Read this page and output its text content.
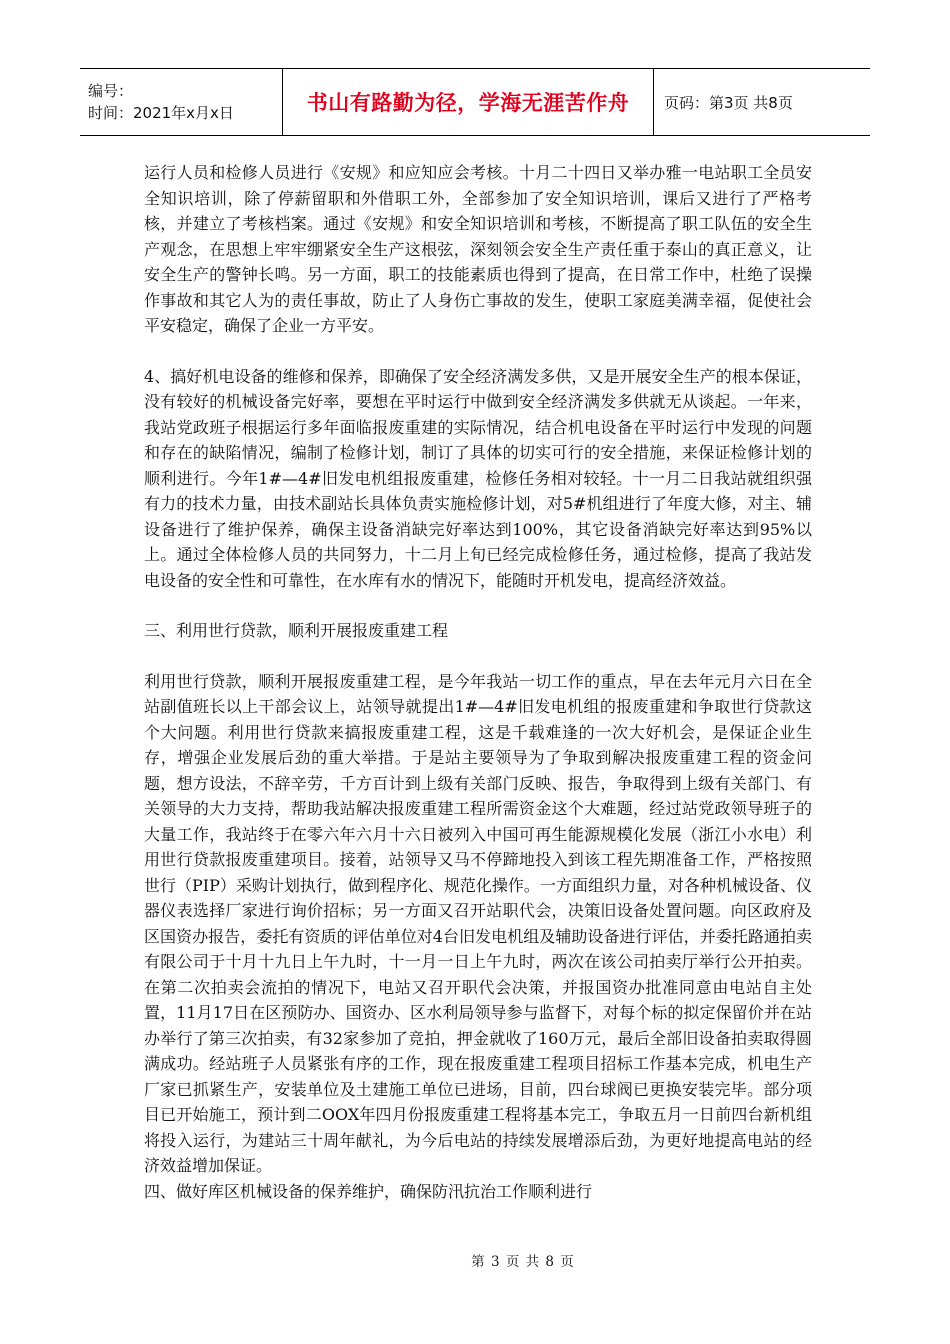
编号：
时间：2021年x月x日	书山有路勤为径，学海无涯苦作舟	页码：第3页 共8页

运行人员和检修人员进行《安规》和应知应会考核。十月二十四日又举办雅一电站职工全员安全知识培训，除了停薪留职和外借职工外，全部参加了安全知识培训，课后又进行了严格考核，并建立了考核档案。通过《安规》和安全知识培训和考核，不断提高了职工队伍的安全生产观念，在思想上牢牢绷紧安全生产这根弦，深刻领会安全生产责任重于泰山的真正意义，让安全生产的警钟长鸣。另一方面，职工的技能素质也得到了提高，在日常工作中，杜绝了误操作事故和其它人为的责任事故，防止了人身伤亡事故的发生，使职工家庭美满幸福，促使社会平安稳定，确保了企业一方平安。

4、搞好机电设备的维修和保养，即确保了安全经济满发多供，又是开展安全生产的根本保证，没有较好的机械设备完好率，要想在平时运行中做到安全经济满发多供就无从谈起。一年来，我站党政班子根据运行多年面临报废重建的实际情况，结合机电设备在平时运行中发现的问题和存在的缺陷情况，编制了检修计划，制订了具体的切实可行的安全措施，来保证检修计划的顺利进行。今年1#—4#旧发电机组报废重建，检修任务相对较轻。十一月二日我站就组织强有力的技术力量，由技术副站长具体负责实施检修计划，对5#机组进行了年度大修，对主、辅设备进行了维护保养，确保主设备消缺完好率达到100%，其它设备消缺完好率达到95%以上。通过全体检修人员的共同努力，十二月上旬已经完成检修任务，通过检修，提高了我站发电设备的安全性和可靠性，在水库有水的情况下，能随时开机发电，提高经济效益。

三、利用世行贷款，顺利开展报废重建工程

利用世行贷款，顺利开展报废重建工程，是今年我站一切工作的重点，早在去年元月六日在全站副值班长以上干部会议上，站领导就提出1#—4#旧发电机组的报废重建和争取世行贷款这个大问题。利用世行贷款来搞报废重建工程，这是千载难逢的一次大好机会，是保证企业生存，增强企业发展后劲的重大举措。于是站主要领导为了争取到解决报废重建工程的资金问题，想方设法，不辞辛劳，千方百计到上级有关部门反映、报告，争取得到上级有关部门、有关领导的大力支持，帮助我站解决报废重建工程所需资金这个大难题，经过站党政领导班子的大量工作，我站终于在零六年六月十六日被列入中国可再生能源规模化发展（浙江小水电）利用世行贷款报废重建项目。接着，站领导又马不停蹄地投入到该工程先期准备工作，严格按照世行（PIP）采购计划执行，做到程序化、规范化操作。一方面组织力量，对各种机械设备、仪器仪表选择厂家进行询价招标；另一方面又召开站职代会，决策旧设备处置问题。向区政府及区国资办报告，委托有资质的评估单位对4台旧发电机组及辅助设备进行评估，并委托路通拍卖有限公司于十月十九日上午九时，十一月一日上午九时，两次在该公司拍卖厅举行公开拍卖。在第二次拍卖会流拍的情况下，电站又召开职代会决策，并报国资办批准同意由电站自主处置，11月17日在区预防办、国资办、区水利局领导参与监督下，对每个标的拟定保留价并在站办举行了第三次拍卖，有32家参加了竞拍，押金就收了160万元，最后全部旧设备拍卖取得圆满成功。经站班子人员紧张有序的工作，现在报废重建工程项目招标工作基本完成，机电生产厂家已抓紧生产，安装单位及土建施工单位已进场，目前，四台球阀已更换安装完毕。部分项目已开始施工，预计到二OOX年四月份报废重建工程将基本完工，争取五月一日前四台新机组将投入运行，为建站三十周年献礼，为今后电站的持续发展增添后劲，为更好地提高电站的经济效益增加保证。

四、做好库区机械设备的保养维护，确保防汛抗治工作顺利进行

第 3 页 共 8 页
